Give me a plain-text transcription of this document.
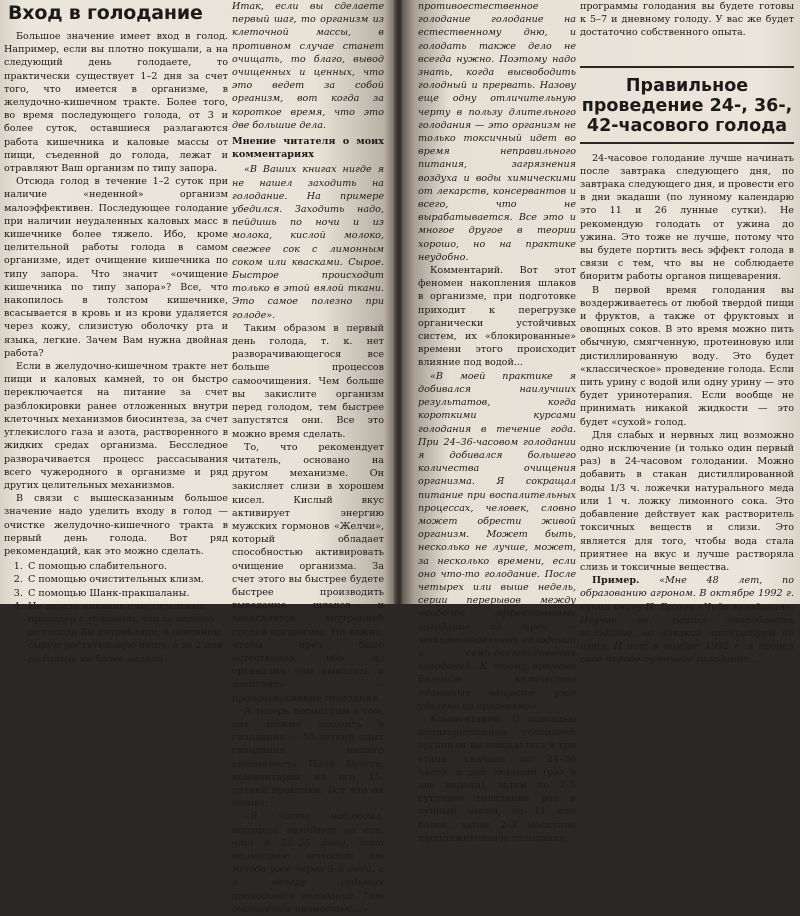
Вход в голодание

Большое значение имеет вход в голод. Например, если вы плотно покушали, а на следующий день голодаете, то практически существует 1–2 дня за счет того, что имеется в организме, в желудочно-кишечном тракте. Более того, во время последующего голода, от 3 и более суток, оставшиеся разлагаются работа кишечника и каловые массы от пищи, съеденной до голода, лежат и отравляют Ваш организм по типу запора.

Отсюда голод в течение 1–2 суток при наличие «неденной» организм малоэффективен. Последующее голодание при наличии неудаленных каловых масс в кишечнике более тяжело. Ибо, кроме целительной работы голода в самом организме, идет очищение кишечника по типу запора. Что значит «очищение кишечника по типу запора»? Все, что накопилось в толстом кишечнике, всасывается в кровь и из крови удаляется через кожу, слизистую оболочку рта и языка, легкие. Зачем Вам нужна двойная работа?

Если в желудочно-кишечном тракте нет пищи и каловых камней, то он быстро переключается на питание за счет разблокировки ранее отложенных внутри клеточных механизмов биосинтеза, за счет углекислого газа и азота, растворенного в жидких средах организма. Бесследное разворачивается процесс рассасывания всего чужеродного в организме и ряд других целительных механизмов.

В связи с вышесказанным большое значение надо уделить входу в голод — очистке желудочно-кишечного тракта в первый день голода. Вот ряд рекомендаций, как это можно сделать.

1. С помощью слабительного.
2. С помощью очистительных клизм.
3. С помощью Шанк-пракшаланы.
4. Не делать никаких очистительных процедур с условием, что за неделю до голода Вы потребляли, в основном, сырую растительную пищу, а за 2 дня до голода не более недели.

Итак, если вы сделаете первый шаг, то организм из клеточной массы, в противном случае станет очищать, то благо, вывод очищенных и ценных, что это ведет за собой организм, вот когда за короткое время, что это две большие дела.

Мнение читателя о моих комментариях

«В Ваших книгах нигде я не нашел заходить на голодание. На примере убедился. Заходить надо, пейдишь по ночи и из молока, кислой молоко, свежее сок с лимонным соком или квасками. Сырое. Быстрое происходит только в этой вялой ткани. Это самое полезно при голоде».

Таким образом в первый день голода, т. к. нет разворачивающегося все больше процессов самоочищения. Чем больше вы закислите организм перед голодом, тем быстрее запустятся они. Все это можно время сделать.

То, что рекомендует читатель, основано на другом механизме. Он закисляет слизи в хорошем кисел. Кислый вкус активирует энергию мужских гормонов «Желчи», который обладает способностью активировать очищение организма. За счет этого вы быстрее будете быстрее производить выведение шлаков и закисляется внутренней средой организма. Но важно, чтобы пред было естественно, ибо из организма чем выводить и закислить — пролонгирование голодания.

А теперь посмотрим о том, как можно заходить в голодание — 50-летний опыт голодания нашего специалиста Поля Брэгга, комментарии из его 15-летней практики. Вот что он пишет:

«Я часто наблюдал, который голодает на сок, что в 21–25 дней, тот полностью отходит от голода уже через 3–5 дней, а к вечеру седьмых приходится голодание. Тот очищается полностью...»

противоестественное голодание голодание на естественному дню, и голодать также дело не всегда нужно. Поэтому надо знать, когда высвободить голодный и прервать. Назову еще одну отличительную черту в пользу длительного голодания — это организм не только токсичный идет во время неправильного питания, загрязнения воздуха и воды химическими от лекарств, консервантов и всего, что не вырабатывается. Все это и многое другое в теории хорошо, но на практике неудобно.

Комментарий. Вот этот феномен накопления шлаков в организме, при подготовке приходит к перегрузке органически устойчивых систем, их «блокированные» времени этого происходит влияние под водой...

«В моей практике я добивался наилучших результатов, когда короткими курсами голодания в течение года. При 24–36-часовом голодании я добивался большего количества очищения организма. Я сокращал питание при воспалительных процессах, человек, словно может обрести живой организм. Может быть, несколько не лучше, может, за несколько времени, если оно что-то голодание. После четырех или выше недель, серии перерывов между наиболее эффективными голодание из трех — четырехнедельных голоданий и семи-десятидневных голоданий. К этому времени большое количество ядовитых веществ уже удалено из организма».

Комментарий. С помощью предварительных голоданий организм вы очищаетесь в три этапа: сначала по 24–36 часов, в дни экадаши (раз в две недели), затем по 2–5 суточное голодание раз в лунный месяц, по 11 или более, затем 2–3 месячное продолжительное голодание.

программы голодания вы будете готовы к 5–7 и дневному голоду. У вас же будет достаточно собственного опыта.

Правильное проведение 24-, 36-, 42-часового голода

24-часовое голодание лучше начинать после завтрака следующего дня, по завтрака следующего дня, и провести его в дни экадаши (по лунному календарю это 11 и 26 лунные сутки). Не рекомендую голодать от ужина до ужина. Это тоже не лучше, потому что вы будете портить весь эффект голода в связи с тем, что вы не соблюдаете биоритм работы органов пищеварения.

В первой время голодания вы воздерживаетесь от любой твердой пищи и фруктов, а также от фруктовых и овощных соков. В это время можно пить обычную, смягченную, протеиновую или дистиллированную воду. Это будет «классическое» проведение голода. Если пить урину с водой или одну урину — это будет уринотерапия. Если вообще не принимать никакой жидкости — это будет «сухой» голод.

Для слабых и нервных лиц возможно одно исключение (и только один первый раз) в 24-часовом голодании. Можно добавить в стакан дистиллированной воды 1/3 ч. ложечки натурального меда или 1 ч. ложку лимонного сока. Это добавление действует как растворитель токсичных веществ и слизи. Это является для того, чтобы вода стала приятнее на вкус и лучше растворяла слизь и токсичные вещества.

Пример. «Мне 48 лет, по образованию агроном. В октябре 1992 г. купил книгу П. Брэгга «Чудо голодания». Изучив ее, решил попробовать голодание, но никакой литературы не имел. И вот в ноябре 1992 г. я провел свое первое суточное голодание...
